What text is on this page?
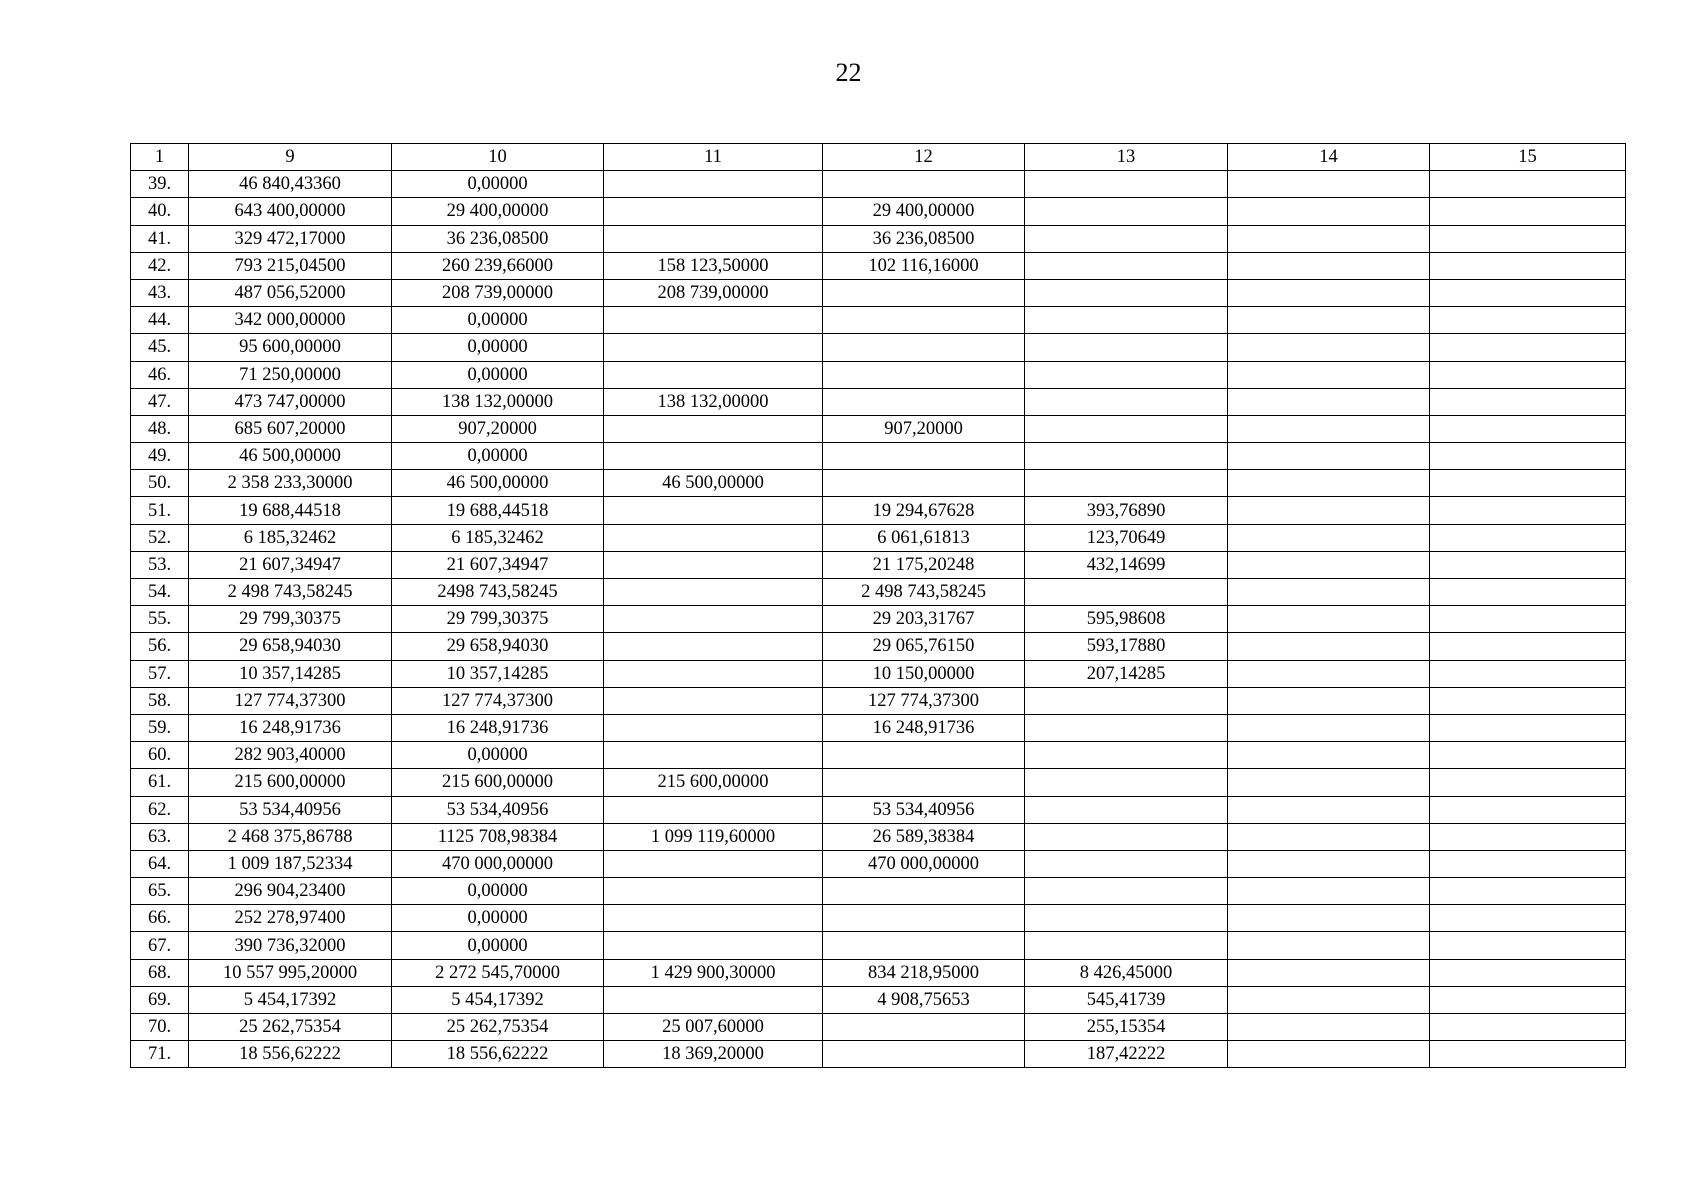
22
1	9	10	11	12	13	14	15
39.	46 840,43360	0,00000					
40.	643 400,00000	29 400,00000		29 400,00000			
41.	329 472,17000	36 236,08500		36 236,08500			
42.	793 215,04500	260 239,66000	158 123,50000	102 116,16000			
43.	487 056,52000	208 739,00000	208 739,00000				
44.	342 000,00000	0,00000					
45.	95 600,00000	0,00000					
46.	71 250,00000	0,00000					
47.	473 747,00000	138 132,00000	138 132,00000				
48.	685 607,20000	907,20000		907,20000			
49.	46 500,00000	0,00000					
50.	2 358 233,30000	46 500,00000	46 500,00000				
51.	19 688,44518	19 688,44518		19 294,67628	393,76890		
52.	6 185,32462	6 185,32462		6 061,61813	123,70649		
53.	21 607,34947	21 607,34947		21 175,20248	432,14699		
54.	2 498 743,58245	2498 743,58245		2 498 743,58245			
55.	29 799,30375	29 799,30375		29 203,31767	595,98608		
56.	29 658,94030	29 658,94030		29 065,76150	593,17880		
57.	10 357,14285	10 357,14285		10 150,00000	207,14285		
58.	127 774,37300	127 774,37300		127 774,37300			
59.	16 248,91736	16 248,91736		16 248,91736			
60.	282 903,40000	0,00000					
61.	215 600,00000	215 600,00000	215 600,00000				
62.	53 534,40956	53 534,40956		53 534,40956			
63.	2 468 375,86788	1125 708,98384	1 099 119,60000	26 589,38384			
64.	1 009 187,52334	470 000,00000		470 000,00000			
65.	296 904,23400	0,00000					
66.	252 278,97400	0,00000					
67.	390 736,32000	0,00000					
68.	10 557 995,20000	2 272 545,70000	1 429 900,30000	834 218,95000	8 426,45000		
69.	5 454,17392	5 454,17392		4 908,75653	545,41739		
70.	25 262,75354	25 262,75354	25 007,60000		255,15354		
71.	18 556,62222	18 556,62222	18 369,20000		187,42222		
